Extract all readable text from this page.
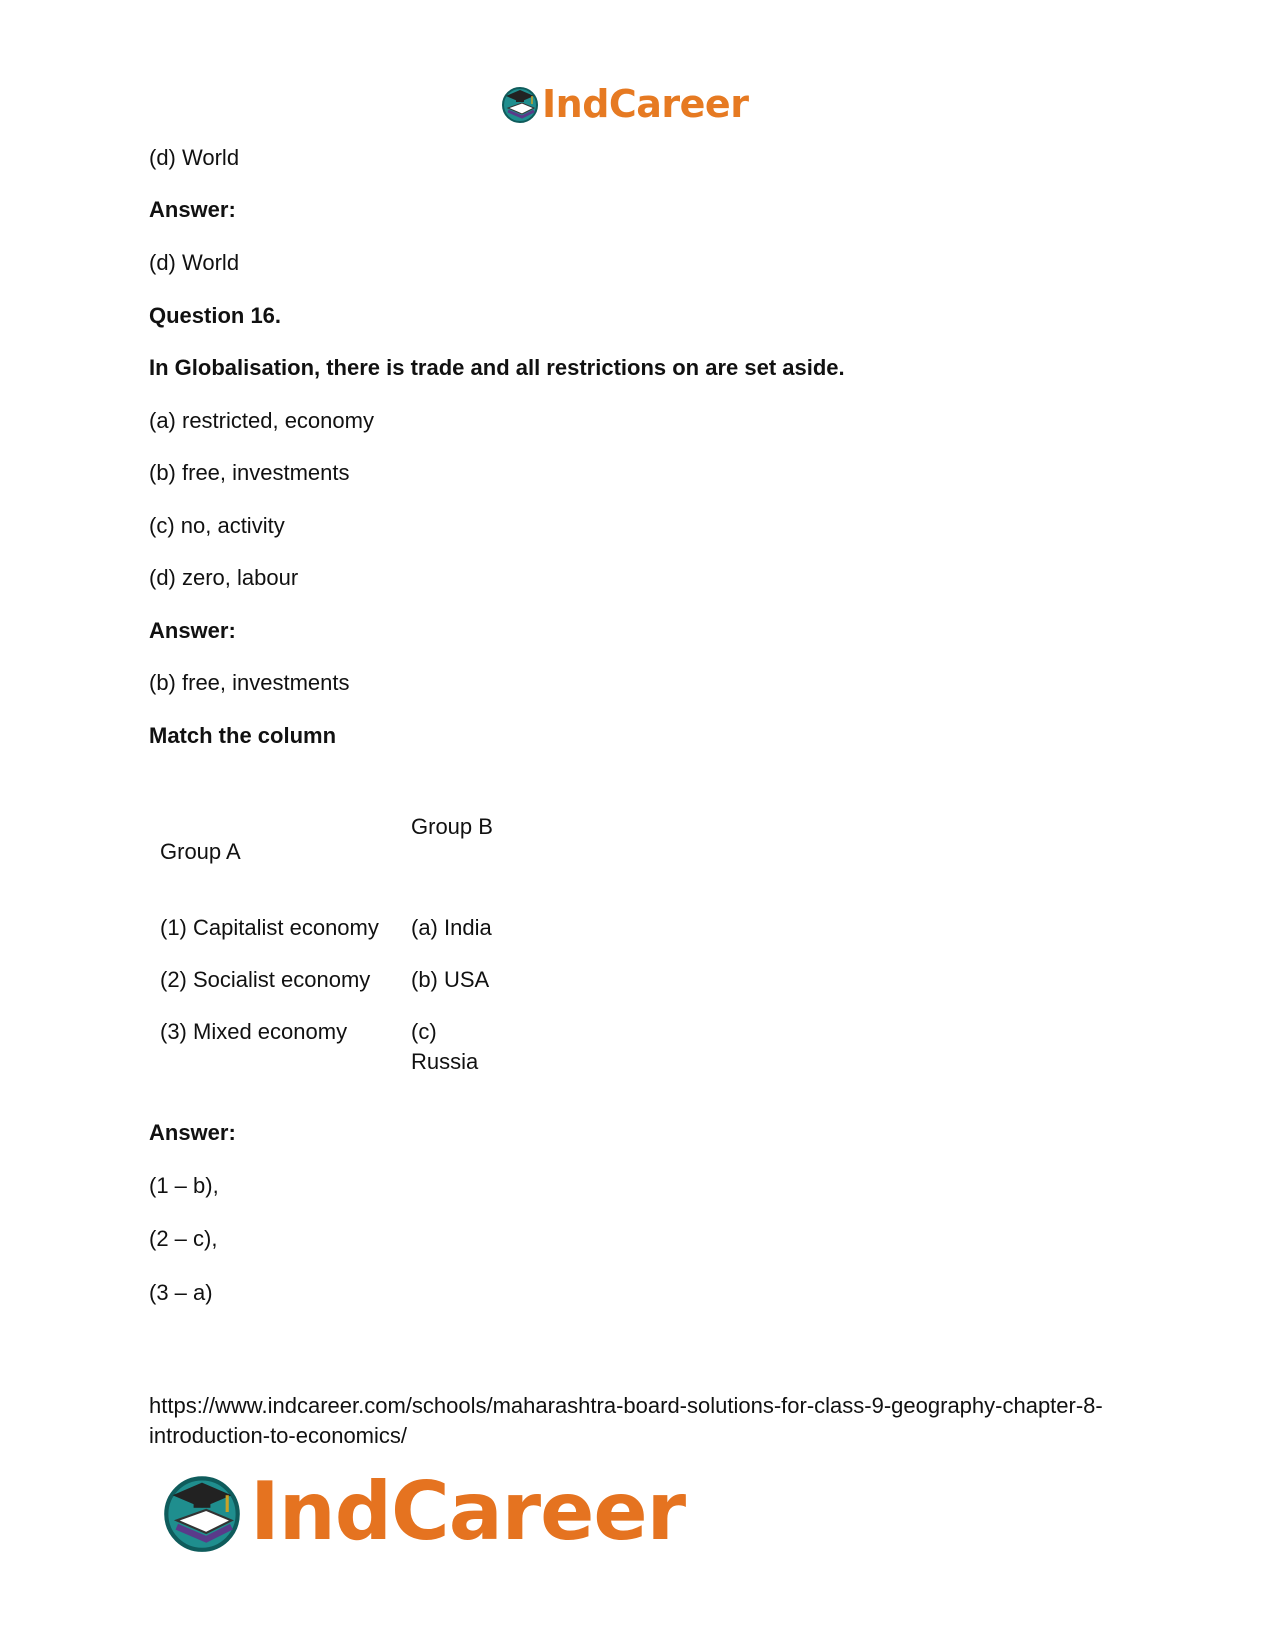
IndCareer
(d) World
Answer:
(d) World
Question 16.
In Globalisation, there is trade and all restrictions on are set aside.
(a) restricted, economy
(b) free, investments
(c) no, activity
(d) zero, labour
Answer:
(b) free, investments
Match the column
Group B
Group A
(1) Capitalist economy (a) India
(2) Socialist economy (b) USA
(3) Mixed economy	(c) Russia
Answer:
(1 – b),
(2 – c),
(3 – a)
https://www.indcareer.com/schools/maharashtra-board-solutions-for-class-9-geography-chapter-8-introduction-to-economics/
IndCareer
